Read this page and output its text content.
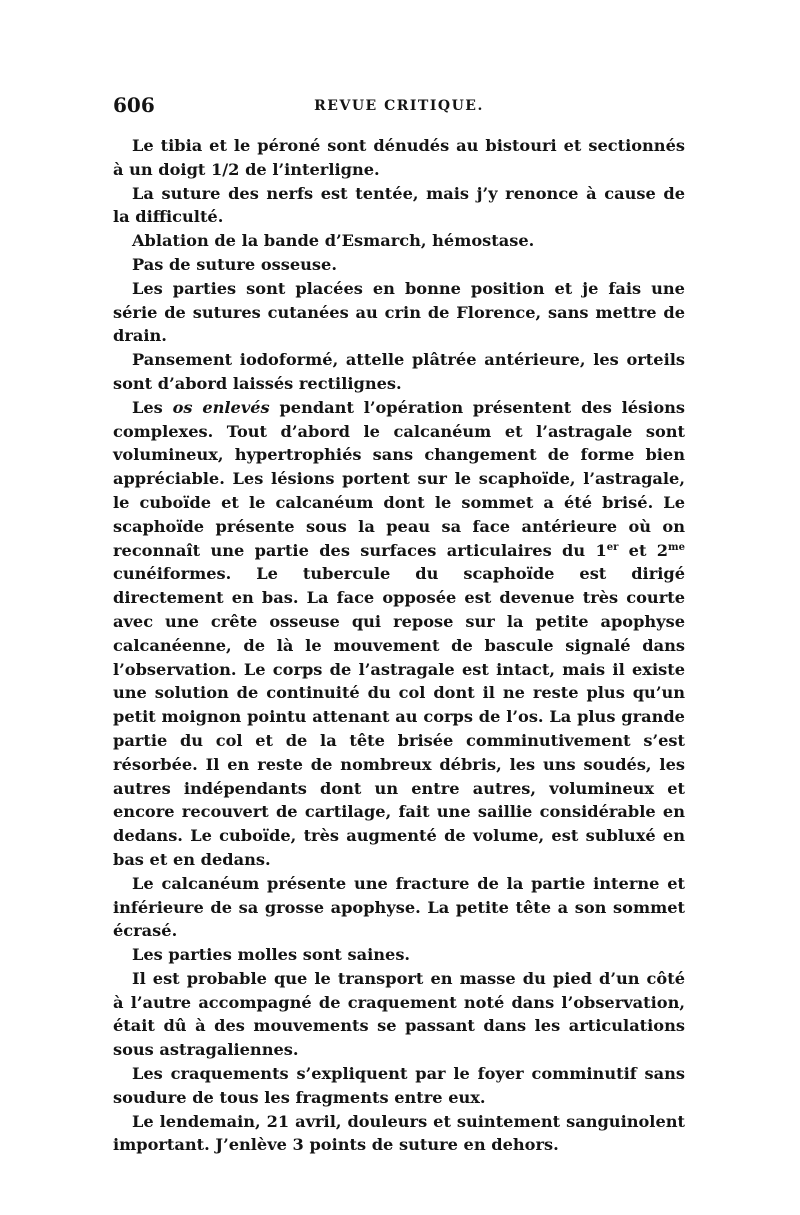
606	REVUE CRITIQUE.

Le tibia et le péroné sont dénudés au bistouri et sectionnés à un doigt 1/2 de l’interligne.

La suture des nerfs est tentée, mais j’y renonce à cause de la difficulté.

Ablation de la bande d’Esmarch, hémostase.

Pas de suture osseuse.

Les parties sont placées en bonne position et je fais une série de sutures cutanées au crin de Florence, sans mettre de drain.

Pansement iodoformé, attelle plâtrée antérieure, les orteils sont d’abord laissés rectilignes.

Les os enlevés pendant l’opération présentent des lésions complexes. Tout d’abord le calcanéum et l’astragale sont volumineux, hypertrophiés sans changement de forme bien appréciable. Les lésions portent sur le scaphoïde, l’astragale, le cuboïde et le calcanéum dont le sommet a été brisé. Le scaphoïde présente sous la peau sa face antérieure où on reconnaît une partie des surfaces articulaires du 1er et $2^{me}$ cunéiformes. Le tubercule du scaphoïde est dirigé directement en bas. La face opposée est devenue très courte avec une crête osseuse qui repose sur la petite apophyse calcanéenne, de là le mouvement de bascule signalé dans l’observation. Le corps de l’astragale est intact, mais il existe une solution de continuité du col dont il ne reste plus qu’un petit moignon pointu attenant au corps de l’os. La plus grande partie du col et de la tête brisée comminutivement s’est résorbée. Il en reste de nombreux débris, les uns soudés, les autres indépendants dont un entre autres, volumineux et encore recouvert de cartilage, fait une saillie considérable en dedans. Le cuboïde, très augmenté de volume, est subluxé en bas et en dedans.

Le calcanéum présente une fracture de la partie interne et inférieure de sa grosse apophyse. La petite tête a son sommet écrasé.

Les parties molles sont saines.

Il est probable que le transport en masse du pied d’un côté à l’autre accompagné de craquement noté dans l’observation, était dû à des mouvements se passant dans les articulations sous astragaliennes.

Les craquements s’expliquent par le foyer comminutif sans soudure de tous les fragments entre eux.

Le lendemain, 21 avril, douleurs et suintement sanguinolent important. J’enlève 3 points de suture en dehors.
